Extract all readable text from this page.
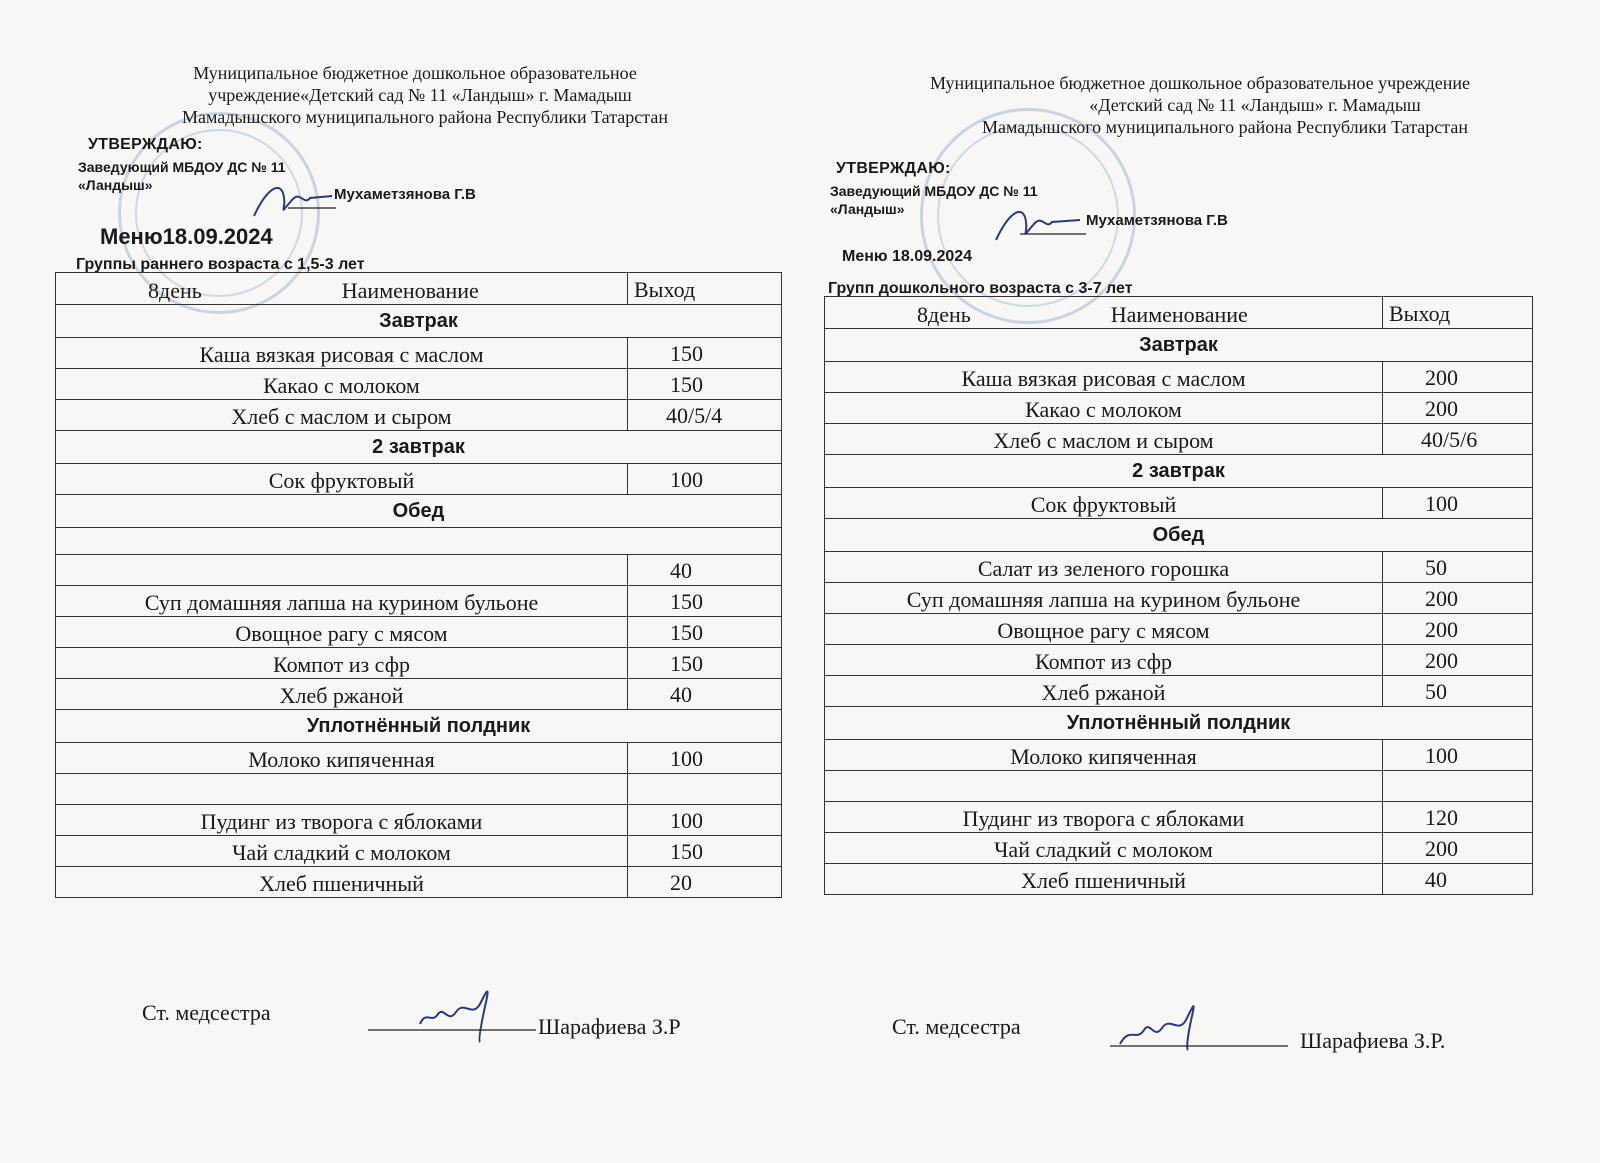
Муниципальное бюджетное дошкольное образовательное
учреждение«Детский сад № 11 «Ландыш» г. Мамадыш
Мамадышского муниципального района Республики Татарстан
УТВЕРЖДАЮ:
Заведующий МБДОУ ДС № 11
«Ландыш»
Мухаметзянова Г.В
Меню18.09.2024
Группы раннего возраста с 1,5-3 лет
8день Наименование	Выход
Завтрак	
Каша вязкая рисовая с маслом	150
Какао с молоком	150
Хлеб с маслом и сыром	40/5/4
2 завтрак	
Сок фруктовый	100
Обед	

	40
Суп домашняя лапша на курином бульоне	150
Овощное рагу с мясом	150
Компот из сфр	150
Хлеб ржаной	40
Уплотнённый полдник	
Молоко кипяченная	100

Пудинг из творога с яблоками	100
Чай сладкий с молоком	150
Хлеб пшеничный	20
Ст. медсестра
Шарафиева З.Р
Муниципальное бюджетное дошкольное образовательное учреждение
«Детский сад № 11 «Ландыш» г. Мамадыш
Мамадышского муниципального района Республики Татарстан
УТВЕРЖДАЮ:
Заведующий МБДОУ ДС № 11
«Ландыш»
Мухаметзянова Г.В
Меню 18.09.2024
Групп дошкольного возраста с 3-7 лет
8день Наименование	Выход
Завтрак	
Каша вязкая рисовая с маслом	200
Какао с молоком	200
Хлеб с маслом и сыром	40/5/6
2 завтрак	
Сок фруктовый	100
Обед	
Салат из зеленого горошка	50
Суп домашняя лапша на курином бульоне	200
Овощное рагу с мясом	200
Компот из сфр	200
Хлеб ржаной	50
Уплотнённый полдник	
Молоко кипяченная	100

Пудинг из творога с яблоками	120
Чай сладкий с молоком	200
Хлеб пшеничный	40
Ст. медсестра
Шарафиева З.Р.
